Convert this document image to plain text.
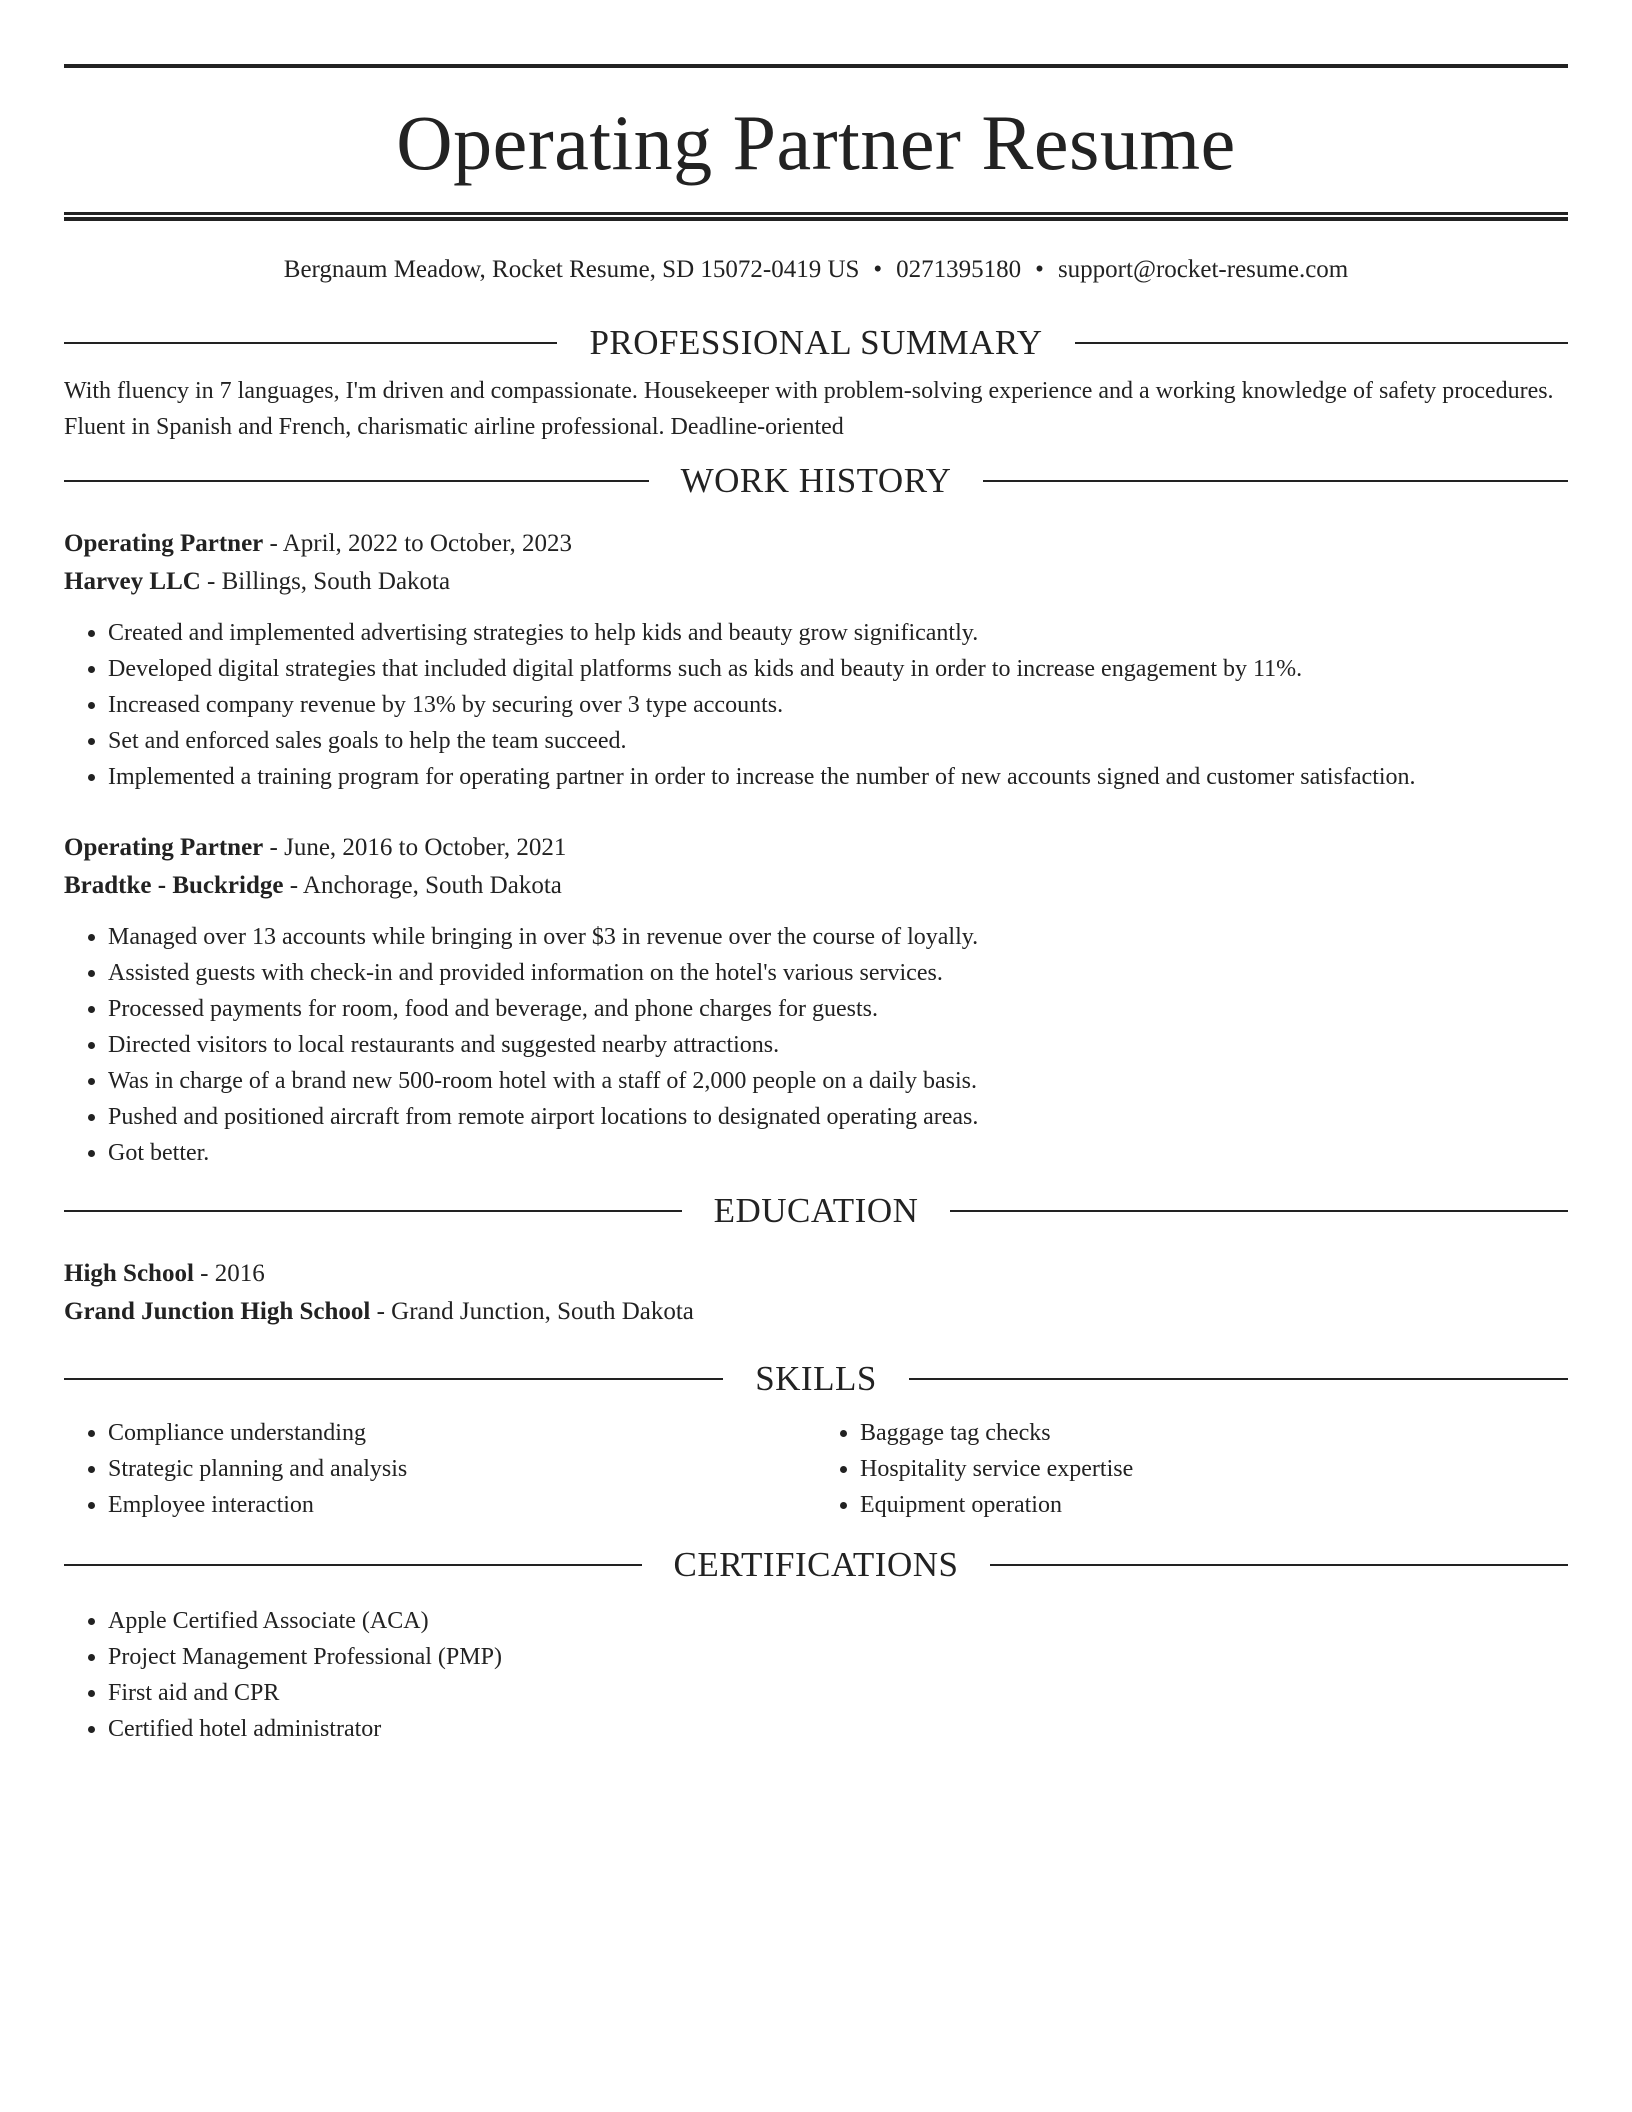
Operating Partner Resume
Bergnaum Meadow, Rocket Resume, SD 15072-0419 US • 0271395180 • support@rocket-resume.com
PROFESSIONAL SUMMARY
With fluency in 7 languages, I'm driven and compassionate. Housekeeper with problem-solving experience and a working knowledge of safety procedures. Fluent in Spanish and French, charismatic airline professional. Deadline-oriented
WORK HISTORY
Operating Partner - April, 2022 to October, 2023
Harvey LLC - Billings, South Dakota
• Created and implemented advertising strategies to help kids and beauty grow significantly.
• Developed digital strategies that included digital platforms such as kids and beauty in order to increase engagement by 11%.
• Increased company revenue by 13% by securing over 3 type accounts.
• Set and enforced sales goals to help the team succeed.
• Implemented a training program for operating partner in order to increase the number of new accounts signed and customer satisfaction.
Operating Partner - June, 2016 to October, 2021
Bradtke - Buckridge - Anchorage, South Dakota
• Managed over 13 accounts while bringing in over $3 in revenue over the course of loyally.
• Assisted guests with check-in and provided information on the hotel's various services.
• Processed payments for room, food and beverage, and phone charges for guests.
• Directed visitors to local restaurants and suggested nearby attractions.
• Was in charge of a brand new 500-room hotel with a staff of 2,000 people on a daily basis.
• Pushed and positioned aircraft from remote airport locations to designated operating areas.
• Got better.
EDUCATION
High School - 2016
Grand Junction High School - Grand Junction, South Dakota
SKILLS
• Compliance understanding
• Strategic planning and analysis
• Employee interaction
• Baggage tag checks
• Hospitality service expertise
• Equipment operation
CERTIFICATIONS
• Apple Certified Associate (ACA)
• Project Management Professional (PMP)
• First aid and CPR
• Certified hotel administrator
